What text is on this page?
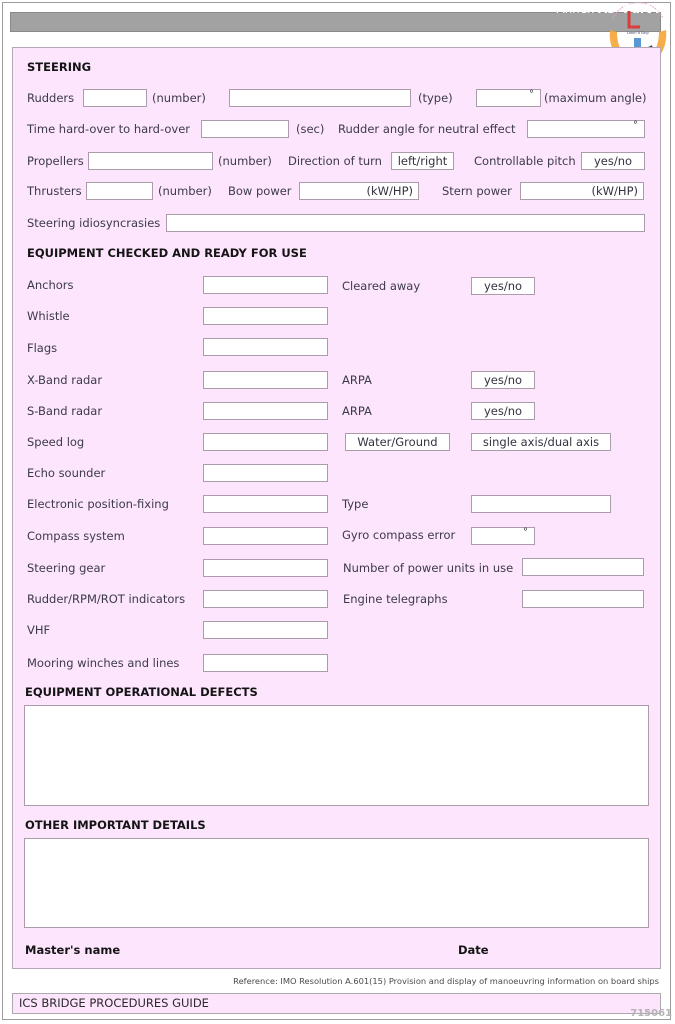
Learn It Easy
Annex A3 Part A
STEERING
Rudders	(number)	(type)	° (maximum angle)
Time hard-over to hard-over	(sec) Rudder angle for neutral effect	°
Propellers	(number) Direction of turn	left/right	Controllable pitch	yes/no
Thrusters	(number) Bow power	(kW/HP)	Stern power	(kW/HP)
Steering idiosyncrasies
EQUIPMENT CHECKED AND READY FOR USE
Anchors	Cleared away	yes/no
Whistle
Flags
X-Band radar	ARPA	yes/no
S-Band radar	ARPA	yes/no
Speed log	Water/Ground	single axis/dual axis
Echo sounder
Electronic position-fixing	Type
Compass system	Gyro compass error	°
Steering gear	Number of power units in use
Rudder/RPM/ROT indicators	Engine telegraphs
VHF
Mooring winches and lines
EQUIPMENT OPERATIONAL DEFECTS
OTHER IMPORTANT DETAILS
Master's name	Date
Reference: IMO Resolution A.601(15) Provision and display of manoeuvring information on board ships
ICS BRIDGE PROCEDURES GUIDE
715061
